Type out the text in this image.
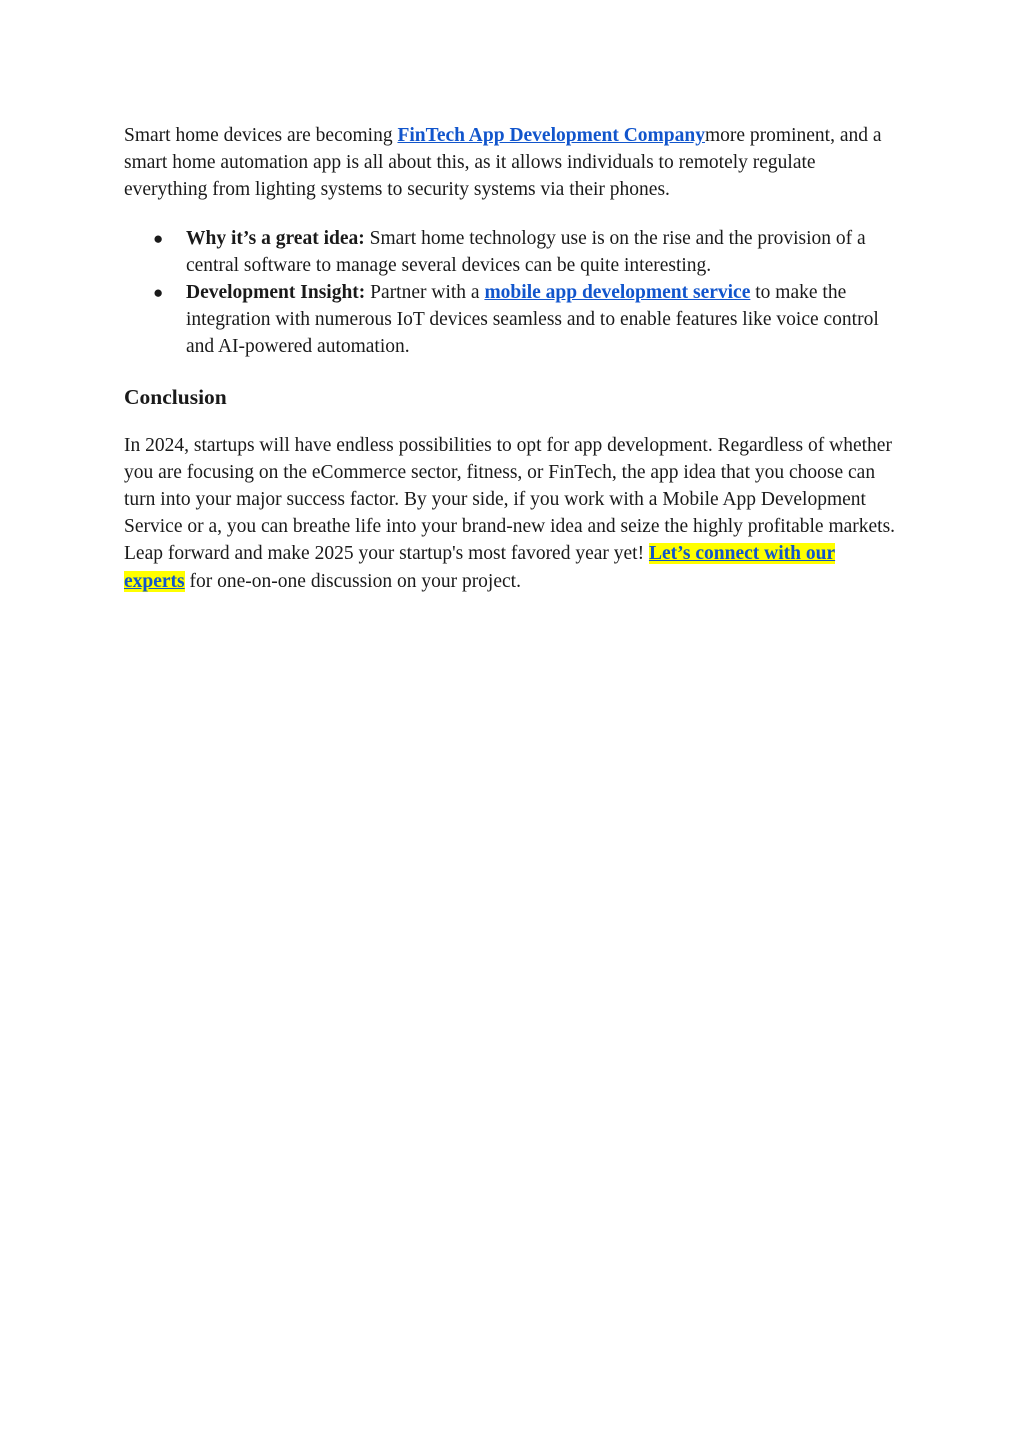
Smart home devices are becoming FinTech App Development Companymore prominent, and a smart home automation app is all about this, as it allows individuals to remotely regulate everything from lighting systems to security systems via their phones.

● Why it’s a great idea: Smart home technology use is on the rise and the provision of a central software to manage several devices can be quite interesting.
● Development Insight: Partner with a mobile app development service to make the integration with numerous IoT devices seamless and to enable features like voice control and AI-powered automation.
Conclusion

In 2024, startups will have endless possibilities to opt for app development. Regardless of whether you are focusing on the eCommerce sector, fitness, or FinTech, the app idea that you choose can turn into your major success factor. By your side, if you work with a Mobile App Development Service or a, you can breathe life into your brand-new idea and seize the highly profitable markets. Leap forward and make 2025 your startup's most favored year yet! Let’s connect with our experts for one-on-one discussion on your project.
